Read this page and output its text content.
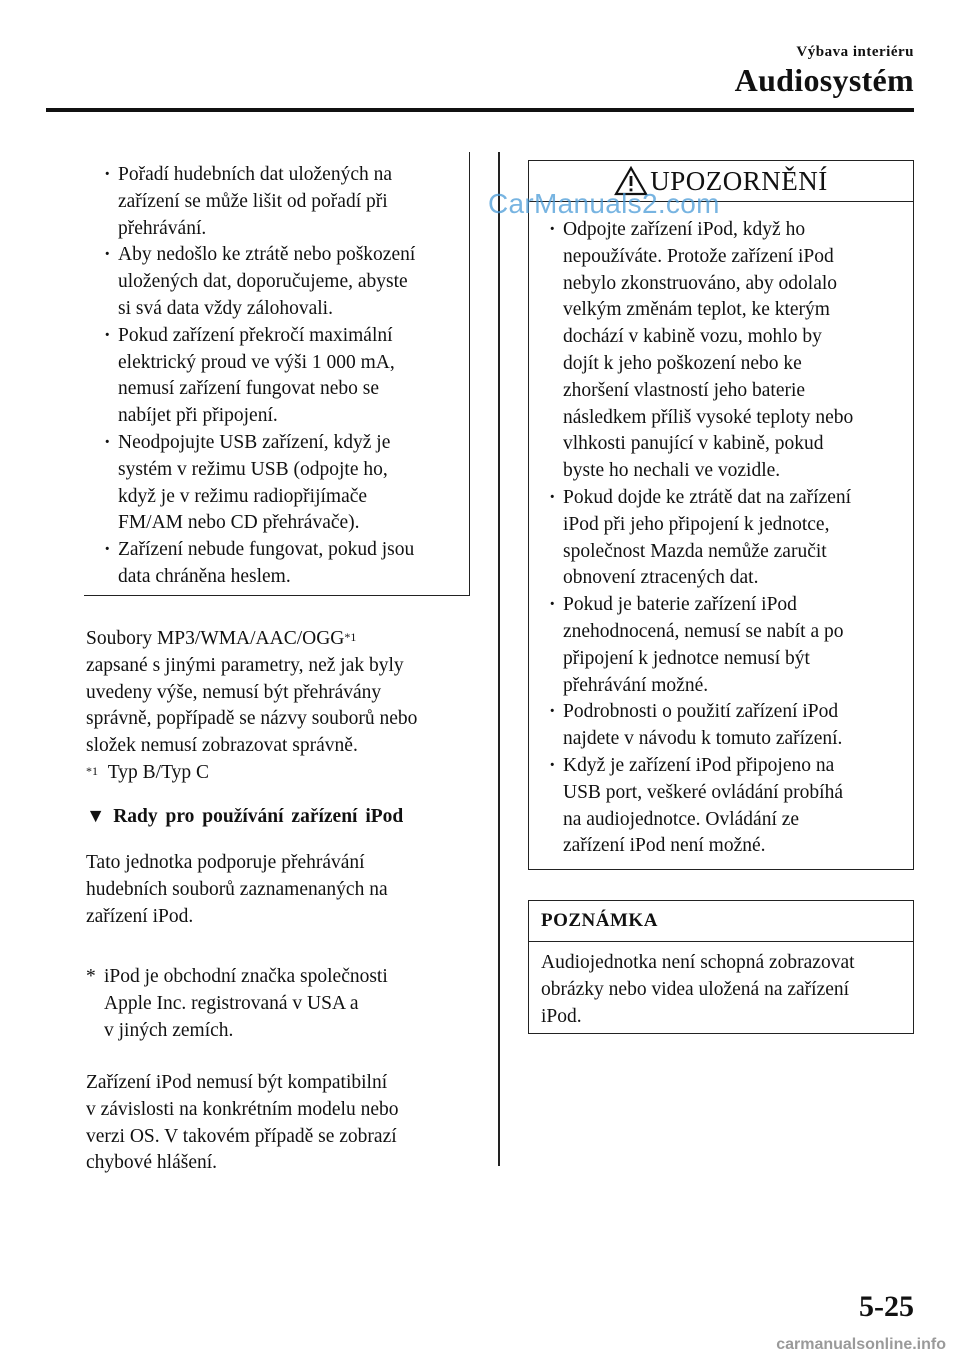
Výbava interiéru
Audiosystém
· Pořadí hudebních dat uložených na
zařízení se může lišit od pořadí při
přehrávání.
· Aby nedošlo ke ztrátě nebo poškození
uložených dat, doporučujeme, abyste
si svá data vždy zálohovali.
· Pokud zařízení překročí maximální
elektrický proud ve výši 1 000 mA,
nemusí zařízení fungovat nebo se
nabíjet při připojení.
· Neodpojujte USB zařízení, když je
systém v režimu USB (odpojte ho,
když je v režimu radiopřijímače
FM/AM nebo CD přehrávače).
· Zařízení nebude fungovat, pokud jsou
data chráněna heslem.
Soubory MP3/WMA/AAC/OGG$^{*1}$
zapsané s jinými parametry, než jak byly
uvedeny výše, nemusí být přehrávány
správně, popřípadě se názvy souborů nebo
složek nemusí zobrazovat správně.
$^{*1}$ Typ B/Typ C
▼ Rady pro používání zařízení iPod
Tato jednotka podporuje přehrávání
hudebních souborů zaznamenaných na
zařízení iPod.
* iPod je obchodní značka společnosti
Apple Inc. registrovaná v USA a
v jiných zemích.
Zařízení iPod nemusí být kompatibilní
v závislosti na konkrétním modelu nebo
verzi OS. V takovém případě se zobrazí
chybové hlášení.
UPOZORNĚNÍ
· Odpojte zařízení iPod, když ho
nepoužíváte. Protože zařízení iPod
nebylo zkonstruováno, aby odolalo
velkým změnám teplot, ke kterým
dochází v kabině vozu, mohlo by
dojít k jeho poškození nebo ke
zhoršení vlastností jeho baterie
následkem příliš vysoké teploty nebo
vlhkosti panující v kabině, pokud
byste ho nechali ve vozidle.
· Pokud dojde ke ztrátě dat na zařízení
iPod při jeho připojení k jednotce,
společnost Mazda nemůže zaručit
obnovení ztracených dat.
· Pokud je baterie zařízení iPod
znehodnocená, nemusí se nabít a po
připojení k jednotce nemusí být
přehrávání možné.
· Podrobnosti o použití zařízení iPod
najdete v návodu k tomuto zařízení.
· Když je zařízení iPod připojeno na
USB port, veškeré ovládání probíhá
na audiojednotce. Ovládání ze
zařízení iPod není možné.
POZNÁMKA
Audiojednotka není schopná zobrazovat
obrázky nebo videa uložená na zařízení
iPod.
CarManuals2.com
5-25
carmanualsonline.info
